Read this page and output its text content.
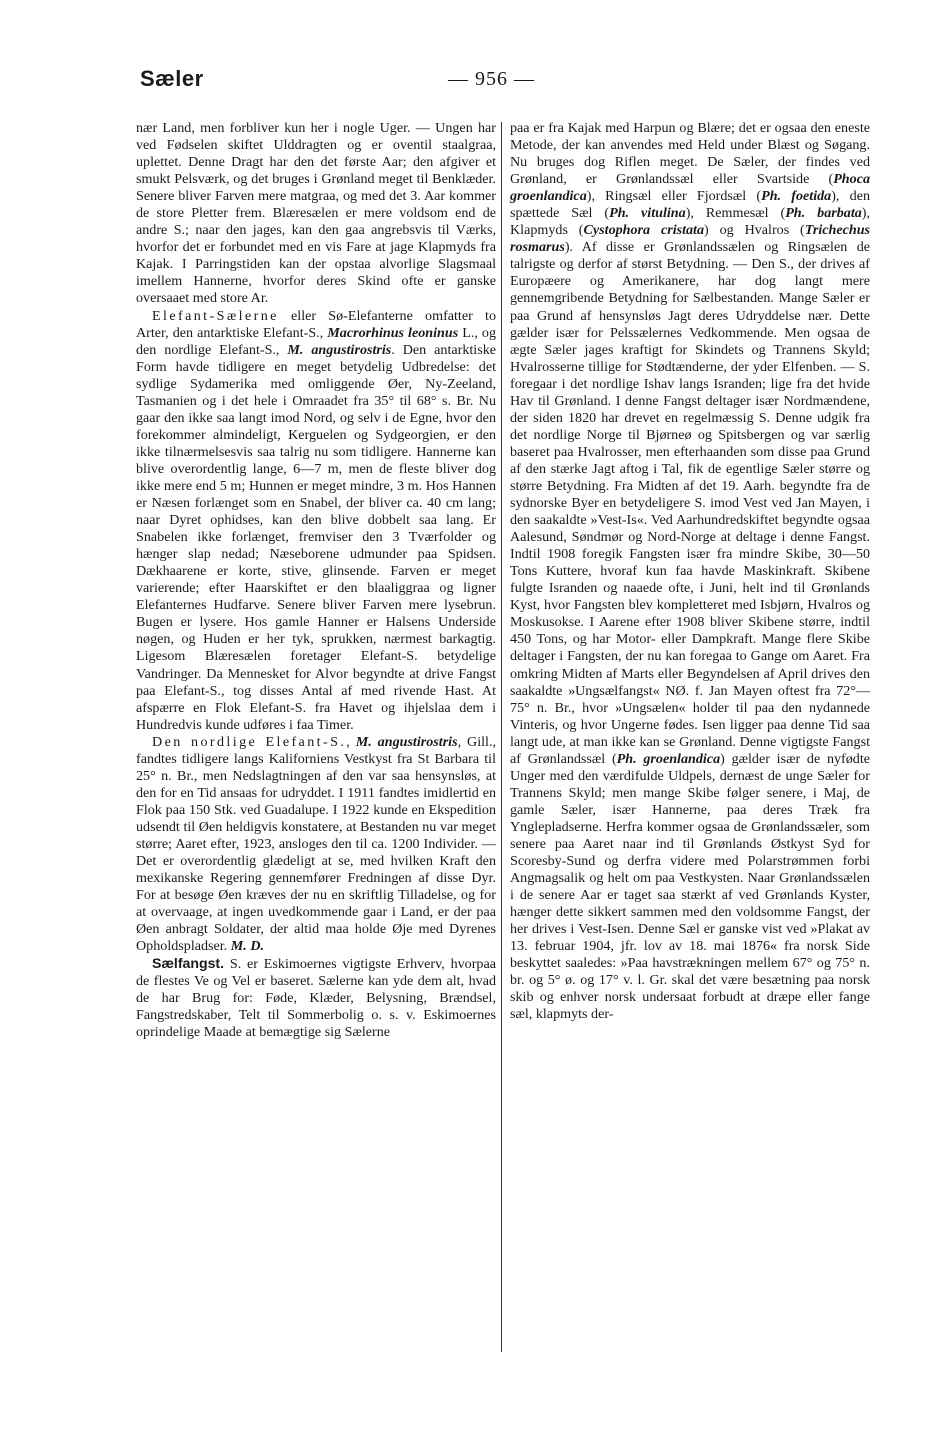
Sæler	— 956 —

nær Land, men forbliver kun her i nogle Uger. — Ungen har ved Fødselen skiftet Ulddragten og er oventil staalgraa, uplettet. Denne Dragt har den det første Aar; den afgiver et smukt Pelsværk, og det bruges i Grønland meget til Benklæder. Senere bliver Farven mere matgraa, og med det 3. Aar kommer de store Pletter frem. Blæresælen er mere voldsom end de andre S.; naar den jages, kan den gaa angrebsvis til Værks, hvorfor det er forbundet med en vis Fare at jage Klapmyds fra Kajak. I Parringstiden kan der opstaa alvorlige Slagsmaal imellem Hannerne, hvorfor deres Skind ofte er ganske oversaaet med store Ar.

Elefant-Sælerne eller Sø-Elefanterne omfatter to Arter, den antarktiske Elefant-S., Macrorhinus leoninus L., og den nordlige Elefant-S., M. angustirostris. Den antarktiske Form havde tidligere en meget betydelig Udbredelse: det sydlige Sydamerika med omliggende Øer, Ny-Zeeland, Tasmanien og i det hele i Omraadet fra 35° til 68° s. Br. Nu gaar den ikke saa langt imod Nord, og selv i de Egne, hvor den forekommer almindeligt, Kerguelen og Sydgeorgien, er den ikke tilnærmelsesvis saa talrig nu som tidligere. Hannerne kan blive overordentlig lange, 6—7 m, men de fleste bliver dog ikke mere end 5 m; Hunnen er meget mindre, 3 m. Hos Hannen er Næsen forlænget som en Snabel, der bliver ca. 40 cm lang; naar Dyret ophidses, kan den blive dobbelt saa lang. Er Snabelen ikke forlænget, fremviser den 3 Tværfolder og hænger slap nedad; Næseborene udmunder paa Spidsen. Dækhaarene er korte, stive, glinsende. Farven er meget varierende; efter Haarskiftet er den blaaliggraa og ligner Elefanternes Hudfarve. Senere bliver Farven mere lysebrun. Bugen er lysere. Hos gamle Hanner er Halsens Underside nøgen, og Huden er her tyk, sprukken, nærmest barkagtig. Ligesom Blæresælen foretager Elefant-S. betydelige Vandringer. Da Mennesket for Alvor begyndte at drive Fangst paa Elefant-S., tog disses Antal af med rivende Hast. At afspærre en Flok Elefant-S. fra Havet og ihjelslaa dem i Hundredvis kunde udføres i faa Timer.

Den nordlige Elefant-S., M. angustirostris, Gill., fandtes tidligere langs Kaliforniens Vestkyst fra St Barbara til 25° n. Br., men Nedslagtningen af den var saa hensynsløs, at den for en Tid ansaas for udryddet. I 1911 fandtes imidlertid en Flok paa 150 Stk. ved Guadalupe. I 1922 kunde en Ekspedition udsendt til Øen heldigvis konstatere, at Bestanden nu var meget større; Aaret efter, 1923, ansloges den til ca. 1200 Individer. — Det er overordentlig glædeligt at se, med hvilken Kraft den mexikanske Regering gennemfører Fredningen af disse Dyr. For at besøge Øen kræves der nu en skriftlig Tilladelse, og for at overvaage, at ingen uvedkommende gaar i Land, er der paa Øen anbragt Soldater, der altid maa holde Øje med Dyrenes Opholdspladser. M. D.

Sælfangst. S. er Eskimoernes vigtigste Erhverv, hvorpaa de flestes Ve og Vel er baseret. Sælerne kan yde dem alt, hvad de har Brug for: Føde, Klæder, Belysning, Brændsel, Fangstredskaber, Telt til Sommerbolig o. s. v. Eskimoernes oprindelige Maade at bemægtige sig Sælerne

paa er fra Kajak med Harpun og Blære; det er ogsaa den eneste Metode, der kan anvendes med Held under Blæst og Søgang. Nu bruges dog Riflen meget. De Sæler, der findes ved Grønland, er Grønlandssæl eller Svartside (Phoca groenlandica), Ringsæl eller Fjordsæl (Ph. foetida), den spættede Sæl (Ph. vitulina), Remmesæl (Ph. barbata), Klapmyds (Cystophora cristata) og Hvalros (Trichechus rosmarus). Af disse er Grønlandssælen og Ringsælen de talrigste og derfor af størst Betydning. — Den S., der drives af Europæere og Amerikanere, har dog langt mere gennemgribende Betydning for Sælbestanden. Mange Sæler er paa Grund af hensynsløs Jagt deres Udryddelse nær. Dette gælder især for Pelssælernes Vedkommende. Men ogsaa de ægte Sæler jages kraftigt for Skindets og Trannens Skyld; Hvalrosserne tillige for Stødtænderne, der yder Elfenben. — S. foregaar i det nordlige Ishav langs Isranden; lige fra det hvide Hav til Grønland. I denne Fangst deltager især Nordmændene, der siden 1820 har drevet en regelmæssig S. Denne udgik fra det nordlige Norge til Bjørneø og Spitsbergen og var særlig baseret paa Hvalrosser, men efterhaanden som disse paa Grund af den stærke Jagt aftog i Tal, fik de egentlige Sæler større og større Betydning. Fra Midten af det 19. Aarh. begyndte fra de sydnorske Byer en betydeligere S. imod Vest ved Jan Mayen, i den saakaldte »Vest-Is«. Ved Aarhundredskiftet begyndte ogsaa Aalesund, Søndmør og Nord-Norge at deltage i denne Fangst. Indtil 1908 foregik Fangsten især fra mindre Skibe, 30—50 Tons Kuttere, hvoraf kun faa havde Maskinkraft. Skibene fulgte Isranden og naaede ofte, i Juni, helt ind til Grønlands Kyst, hvor Fangsten blev kompletteret med Isbjørn, Hvalros og Moskusokse. I Aarene efter 1908 bliver Skibene større, indtil 450 Tons, og har Motor- eller Dampkraft. Mange flere Skibe deltager i Fangsten, der nu kan foregaa to Gange om Aaret. Fra omkring Midten af Marts eller Begyndelsen af April drives den saakaldte »Ungsælfangst« NØ. f. Jan Mayen oftest fra 72°—75° n. Br., hvor »Ungsælen« holder til paa den nydannede Vinteris, og hvor Ungerne fødes. Isen ligger paa denne Tid saa langt ude, at man ikke kan se Grønland. Denne vigtigste Fangst af Grønlandssæl (Ph. groenlandica) gælder især de nyfødte Unger med den værdifulde Uldpels, dernæst de unge Sæler for Trannens Skyld; men mange Skibe følger senere, i Maj, de gamle Sæler, især Hannerne, paa deres Træk fra Ynglepladserne. Herfra kommer ogsaa de Grønlandssæler, som senere paa Aaret naar ind til Grønlands Østkyst Syd for Scoresby-Sund og derfra videre med Polarstrømmen forbi Angmagsalik og helt om paa Vestkysten. Naar Grønlandssælen i de senere Aar er taget saa stærkt af ved Grønlands Kyster, hænger dette sikkert sammen med den voldsomme Fangst, der her drives i Vest-Isen. Denne Sæl er ganske vist ved »Plakat av 13. februar 1904, jfr. lov av 18. mai 1876« fra norsk Side beskyttet saaledes: »Paa havstrækningen mellem 67° og 75° n. br. og 5° ø. og 17° v. l. Gr. skal det være besætning paa norsk skib og enhver norsk undersaat forbudt at dræpe eller fange sæl, klapmyts der-
